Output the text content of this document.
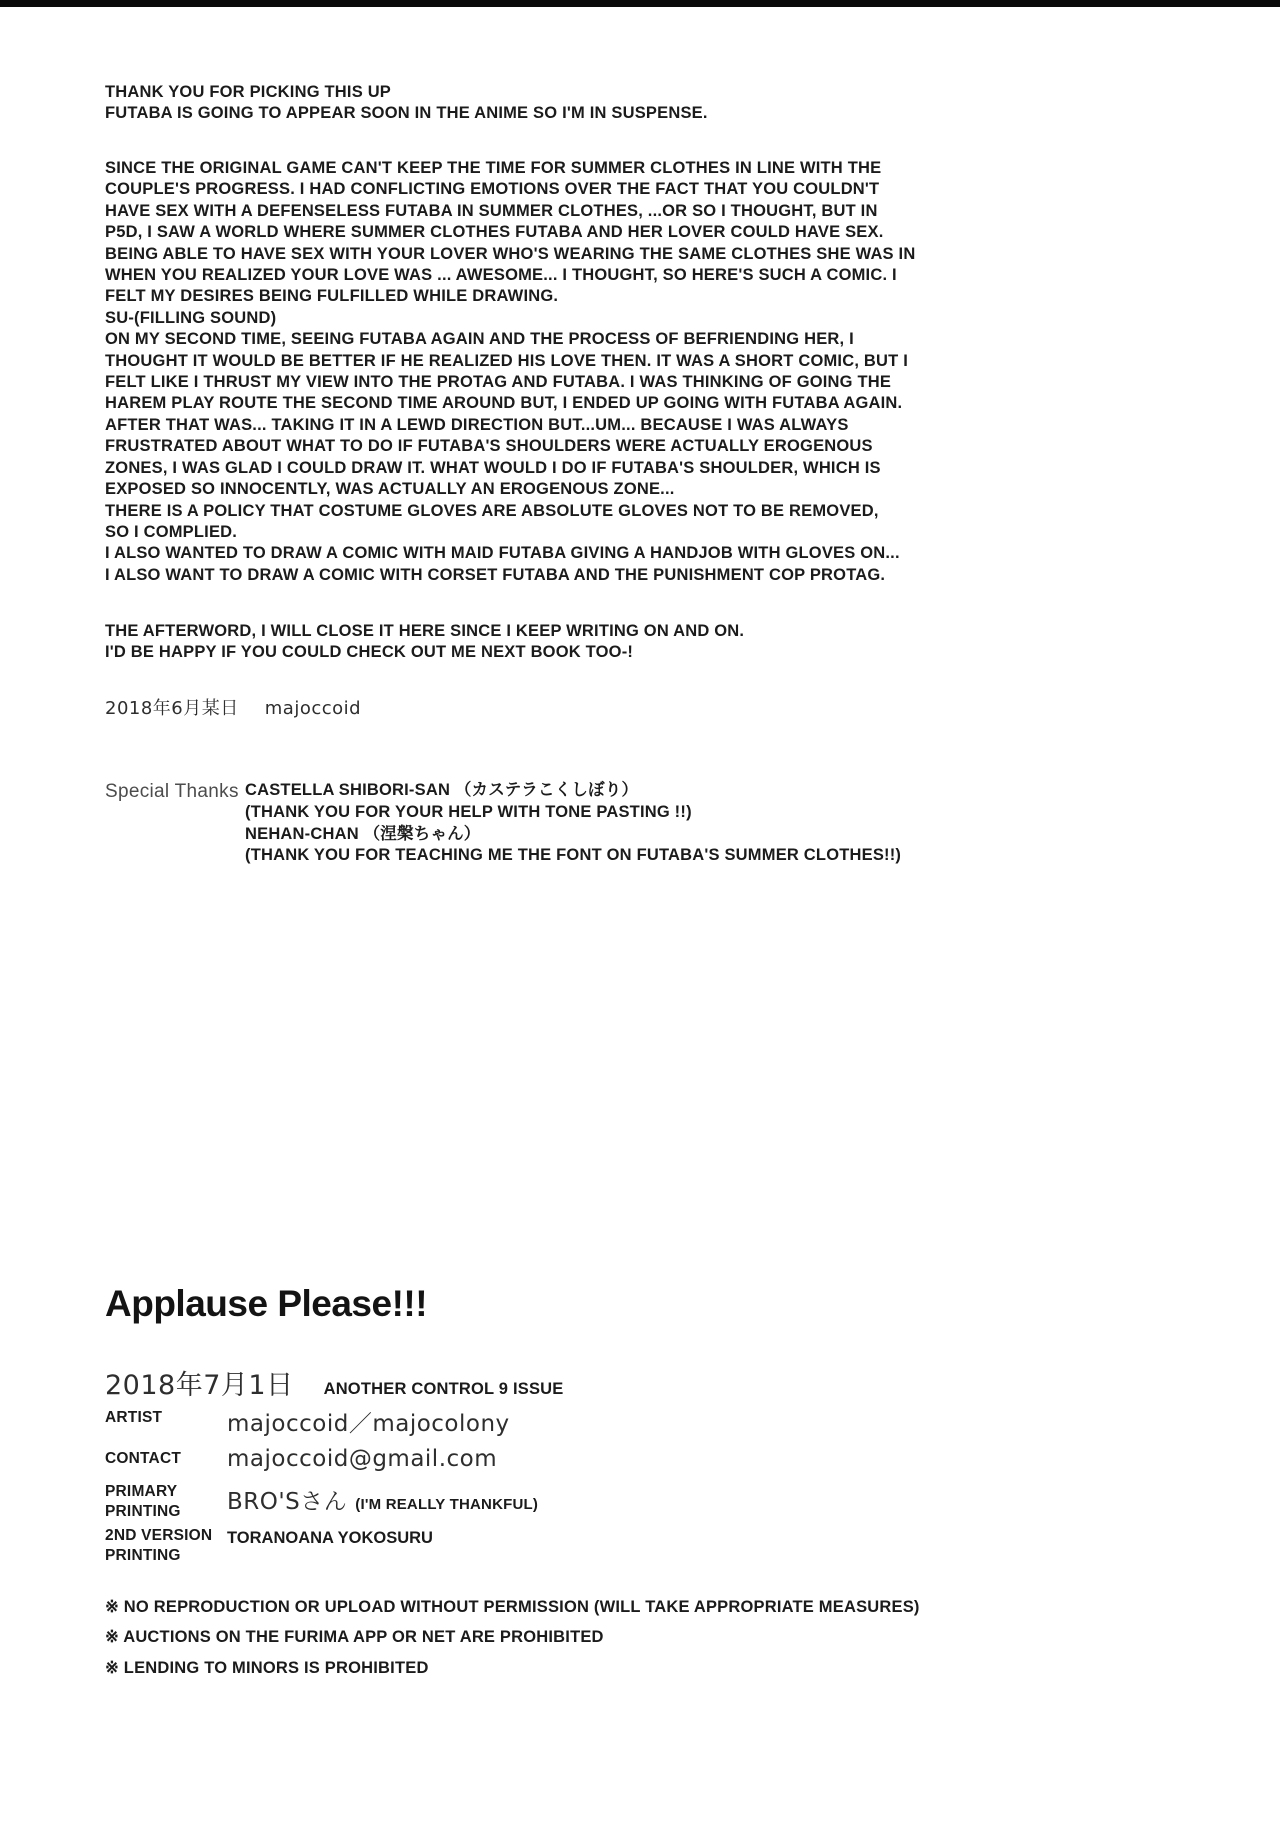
THANK YOU FOR PICKING THIS UP
FUTABA IS GOING TO APPEAR SOON IN THE ANIME SO I'M IN SUSPENSE.
SINCE THE ORIGINAL GAME CAN'T KEEP THE TIME FOR SUMMER CLOTHES IN LINE WITH THE
COUPLE'S PROGRESS. I HAD CONFLICTING EMOTIONS OVER THE FACT THAT YOU COULDN'T
HAVE SEX WITH A DEFENSELESS FUTABA IN SUMMER CLOTHES, ...OR SO I THOUGHT, BUT IN
P5D, I SAW A WORLD WHERE SUMMER CLOTHES FUTABA AND HER LOVER COULD HAVE SEX.
BEING ABLE TO HAVE SEX WITH YOUR LOVER WHO'S WEARING THE SAME CLOTHES SHE WAS IN
WHEN YOU REALIZED YOUR LOVE WAS ... AWESOME... I THOUGHT, SO HERE'S SUCH A COMIC. I
FELT MY DESIRES BEING FULFILLED WHILE DRAWING.
SU-(FILLING SOUND)
ON MY SECOND TIME, SEEING FUTABA AGAIN AND THE PROCESS OF BEFRIENDING HER, I
THOUGHT IT WOULD BE BETTER IF HE REALIZED HIS LOVE THEN. IT WAS A SHORT COMIC, BUT I
FELT LIKE I THRUST MY VIEW INTO THE PROTAG AND FUTABA. I WAS THINKING OF GOING THE
HAREM PLAY ROUTE THE SECOND TIME AROUND BUT, I ENDED UP GOING WITH FUTABA AGAIN.
AFTER THAT WAS... TAKING IT IN A LEWD DIRECTION BUT...UM... BECAUSE I WAS ALWAYS
FRUSTRATED ABOUT WHAT TO DO IF FUTABA'S SHOULDERS WERE ACTUALLY EROGENOUS
ZONES, I WAS GLAD I COULD DRAW IT. WHAT WOULD I DO IF FUTABA'S SHOULDER, WHICH IS
EXPOSED SO INNOCENTLY, WAS ACTUALLY AN EROGENOUS ZONE...
THERE IS A POLICY THAT COSTUME GLOVES ARE ABSOLUTE GLOVES NOT TO BE REMOVED,
SO I COMPLIED.
I ALSO WANTED TO DRAW A COMIC WITH MAID FUTABA GIVING A HANDJOB WITH GLOVES ON...
I ALSO WANT TO DRAW A COMIC WITH CORSET FUTABA AND THE PUNISHMENT COP PROTAG.
THE AFTERWORD, I WILL CLOSE IT HERE SINCE I KEEP WRITING ON AND ON.
I'D BE HAPPY IF YOU COULD CHECK OUT ME NEXT BOOK TOO-!
2018年6月某日 majoccoid
Special Thanks CASTELLA SHIBORI-SAN （カステラこくしぼり）
(THANK YOU FOR YOUR HELP WITH TONE PASTING !!)
NEHAN-CHAN （涅槃ちゃん）
(THANK YOU FOR TEACHING ME THE FONT ON FUTABA'S SUMMER CLOTHES!!)
Applause Please!!!
2018年7月1日 ANOTHER CONTROL 9 ISSUE
ARTIST	majoccoid／majocolony
CONTACT majoccoid@gmail.com
PRIMARY
PRINTING BRO'Sさん (I'M REALLY THANKFUL)
2ND VERSION
PRINTING
TORANOANA YOKOSURU
※ NO REPRODUCTION OR UPLOAD WITHOUT PERMISSION (WILL TAKE APPROPRIATE MEASURES)
※ AUCTIONS ON THE FURIMA APP OR NET ARE PROHIBITED
※ LENDING TO MINORS IS PROHIBITED
